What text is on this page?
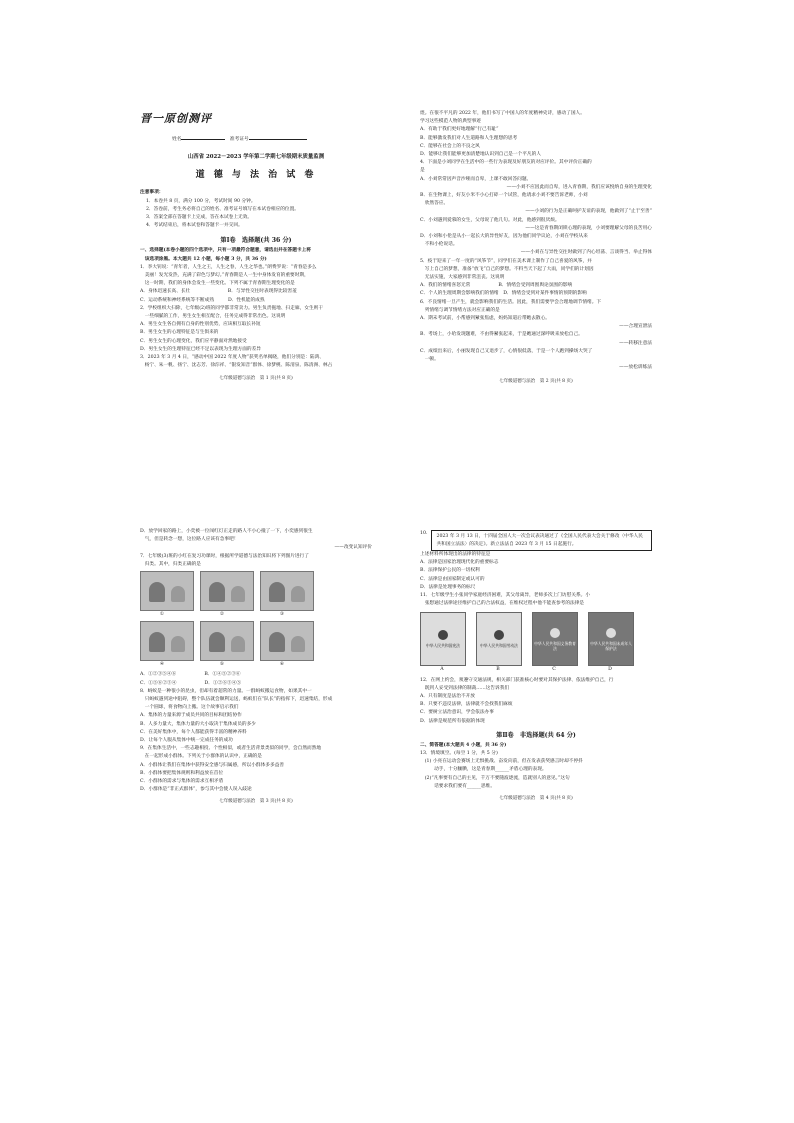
晋一原创测评

姓名	准考证号

山西省 2022－2023 学年第二学期七年级期末质量监测

道 德 与 法 治 试 卷

注意事项：

1．本卷共 8 页，满分 100 分，考试时间 90 分钟。

2．答卷前，考生务必将自己的姓名、准考证号填写在本试卷相应的位置。

3．答案全部在答题卡上完成，答在本试卷上无效。

4．考试结束后，将本试卷和答题卡一并交回。

第Ⅰ卷　选择题(共 36 分)

一、选择题(本卷小题的四个选项中，只有一项最符合题意，请选出并在答题卡上将

　该选项涂黑。本大题共 12 小题，每小题 3 分，共 36 分)

1．李大钊说：“青年者，人生之王，人生之春，人生之华也。”朗费罗说：“青春是多么

　美丽！发光发热，充满了彩色与梦幻。”青春期是人一生中身体发育的重要时期，

　这一时期，我们的身体会发生一些变化。下列不属于青春期生理变化的是

A．身体迅速长高、长壮　　　　　　　　B．与异性交往时表现得比较害羞

C．运动系统和神经系统等不断成熟　　　D．性机能的成熟

2．学校组织大扫除，七年级(2)班的同学都非常卖力。男生负责拖地、扫走廊，女生则干

　一些细腻的工作，男生女生相互配合，任务完成得非常出色。这说明

A．男生女生各自拥有自身的性别优势，应该相互取长补短

B．男生女生的心理特征是与生俱来的

C．男生女生的心理变化，我们应平静面对然地接受

D．男生女生的生理特征已经不足以表现为生理方面的差异

3．2023 年 3 月 4 日，“感动中国 2022 年度人物”获奖名单揭晓，他们分别是：陆鸿、

　杨宁、朱一帆、扬宁、沈志芳、徐淙祥、“银发知音”群体、徐梦桃、陈清泉、陈清洲、林占

七年级道德与法治　第 1 页(共 8 页)

煜。在很不平凡的 2022 年，他们书写了中国人的年度精神史诗，感动了国人。

学习这些模范人物的典型事迹

A．有助于我们更好地理解“行己有耻”

B．能够激发我们对人生道路和人生理想的思考

C．能够在社会上的不良之风

D．能够让我们能够更加清楚地认识到自己是一个平凡的人

4．下面是小刘同学在生活中的一些行为表现及好朋友的对应评价。其中评价正确的

是

A．小刘常常因声音沙哑而自卑，上课不敢回答问题。

——小刘不应因此而自卑，进入青春期，我们应该悦纳自身的生理变化

B．在生物课上，好友小米不小心打碎一个试管，他请求小刘不要告诉老师，小刘

　欣然答应。

——小刘的行为是正确呵护友谊的表现，他做到了“止于至善”

C．小刘遇到爱慕的女生，父母说了他几句。对此，他感到很厌烦。

——这是青春期闭锁心理的表现，小刘要理解父母的良苦用心

D．小刘和小伦是从小一起长大的异性好友，因为他们同学议论，小刘在学校从来

　不和小伦说话。

——小刘在与异性交往时做到了内心坦荡、言谈得当、举止得体

5．疫于迎来了一年一度的“风筝节”，同学们在美术课上制作了自己喜爱的风筝，并

　写上自己的梦想，准备“放飞”自己的梦想。不料当天下起了大雨，同学们的计划因

　无法实施，大家感到非常沮丧。这说明

A．我们的情绪喜怒无常　　　　　　B．情绪会受到周围舆论氛围的影响

C．个人的生理周期会影响我们的情绪　D．情绪会受到对某件事情的预期的影响

6．不良情绪一旦产生，就会影响我们的生活。因此，我们需要学会合理地调节情绪。下

　列情绪与调节情绪方法对应正确的是

A．期末考试前，小帮感到紧张焦虑，妈妈知道后带她去散心。

——合理宣泄法

B．考场上，小哈发现题难，不由得紧张起来，于是她通过深呼吸来放松自己。

——转移注意法

C．成绩出来后，小丽发现自己又退步了，心情很低落，于是一个人跑到操场大哭了

　一顿。

——放松训练法

七年级道德与法治　第 2 页(共 8 页)

D．放学回家的路上，小奕被一位闯红灯正走的路人不小心撞了一下，小奕感到很生

　气，但是转念一想，这位路人应该有急事吧！

——改变认知评价

7．七年级(3)班的小红在复习功课时，根据所学道德与法治知识将下列图片进行了

　归类。其中，归类正确的是

①	②	③
④	⑤	⑥

A．①②③⑤④⑥　　　　　　B．①④⑤②③⑥

C．①⑤⑥②③④　　　　　　D．①②⑥③④⑤

8．蚂蚁是一种很小的昆虫，但却有着超常的力量。一群蚂蚁搬运食物，如果其中一

　只蚂蚁遇到途中阻碍，整个队伍就会顺利运送，蚂蚁们在“队长”的指挥下，迅速集结，形成

　一个圆球，将食物向上搬。这个故事启示我们

A．集体的力量来源于成员共同的目标和团结协作

B．人多力量大，集体力量的大小取决于集体成员的多少

C．在美好集体中，每个人都能获得丰富的精神养料

D．让每个人服从集体中统一完成任务的成功

9．在集体生活中，一些志趣相投、个性相似，或者生活背景类似的同学，会自然而然地

　在一起形成小群体。下列关于小群体的认识中，正确的是

A．小群体让我们在集体中获得安全感与归属感，所以小群体多多益善

B．小群体要把集体规则和利益放在首位

C．小群体的需求与集体的需求互相矛盾

D．小群体是“非正式群体”，参与其中会使人误入歧途

七年级道德与法治　第 3 页(共 8 页)

10.

2023 年 3 月 13 日，十四届全国人大一次会议表决通过了《全国人民代表大会关于修改〈中华人民共和国立法法〉的决定》。新立法法自 2023 年 3 月 15 日起施行。

上述材料所体现出的法律的特征是

A．法律是国家治理现代化的重要标志

B．法律保护公民的一切权利

C．法律是由国家制定或认可的

D．法律是处理事务的标尺

11．七年级学生小张同学家庭经济困难，其父母离异，老师多次上门访慰关系。小

　张想通过法律途径维护自己的合法权益，在维权过程中他不能查参考的法律是

中华人民共和国宪法
A
中华人民共和国劳动法
B
中华人民共和国义务教育法
C
中华人民共和国未成年人保护法
D

12．在网上约会，须遵守交通法规，相关部门获准核心时要对其保护法律、依法维护自己，行

　既到人妥受到法律的制裁……这告诉我们

A．只有制度是法治不开放

B．只要不违反法律，法律就不会找我们麻烦

C．要树立法治意识，学会依法办事

D．法律是规范所有依据的体现

第Ⅱ卷　非选择题(共 64 分)

二、简答题(本大题共 4 小题，共 36 分)

13．情境填空。(每空 1 分，共 5 分)

　(1) 小亮在运动会赛场上无惧挑战、奋发向前，但在发表获奖感言时却不停抖

　　　动手，十分腼腆，这是青春期______矛盾心理的表现。

　(2)“凡事要有自己的主见，千万不要随波逐流，造就别人的意见。”这句

　　　话要求我们要有______思维。

七年级道德与法治　第 4 页(共 8 页)
